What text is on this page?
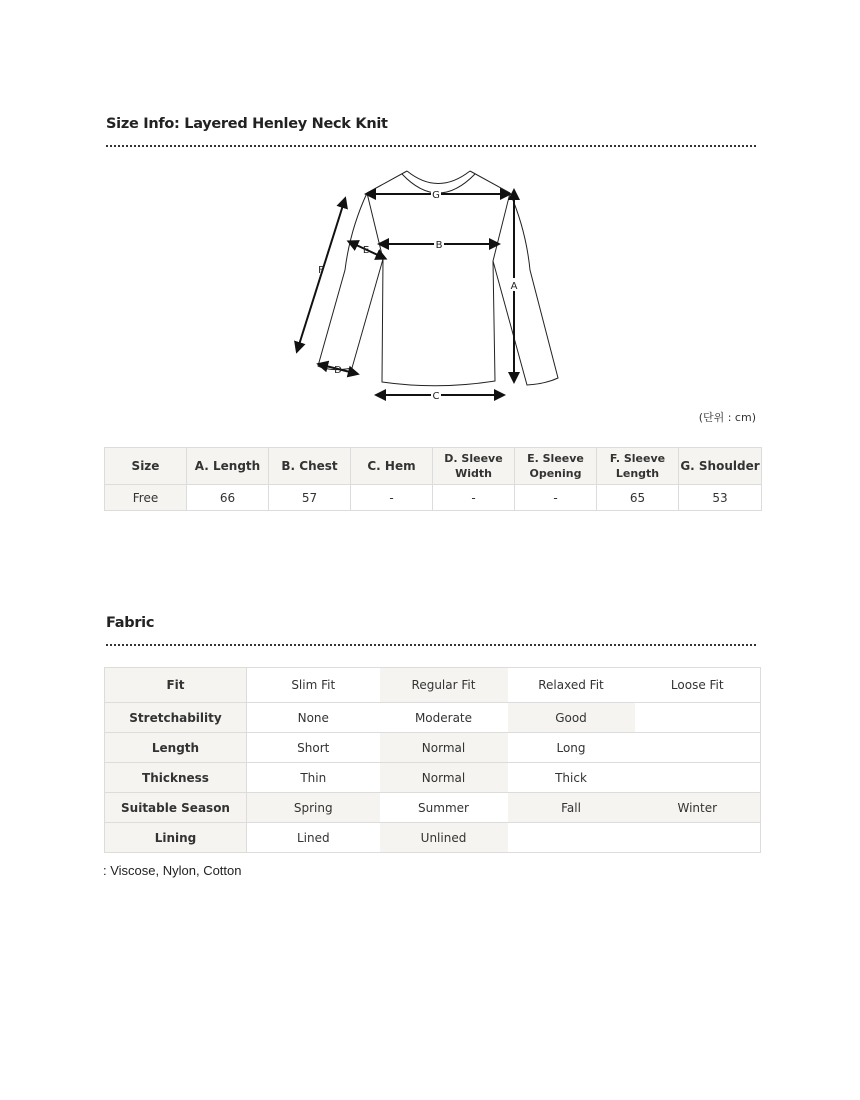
Size Info: Layered Henley Neck Knit
G
B
A
C
F
E
D
(단위 : cm)
Size	A. Length	B. Chest	C. Hem	D. Sleeve Width	E. Sleeve Opening	F. Sleeve Length	G. Shoulder
Free	66	57	-	-	-	65	53
Fabric
Fit	Slim Fit	Regular Fit	Relaxed Fit	Loose Fit
Stretchability	None	Moderate	Good	
Length	Short	Normal	Long	
Thickness	Thin	Normal	Thick	
Suitable Season	Spring	Summer	Fall	Winter
Lining	Lined	Unlined		
: Viscose, Nylon, Cotton
